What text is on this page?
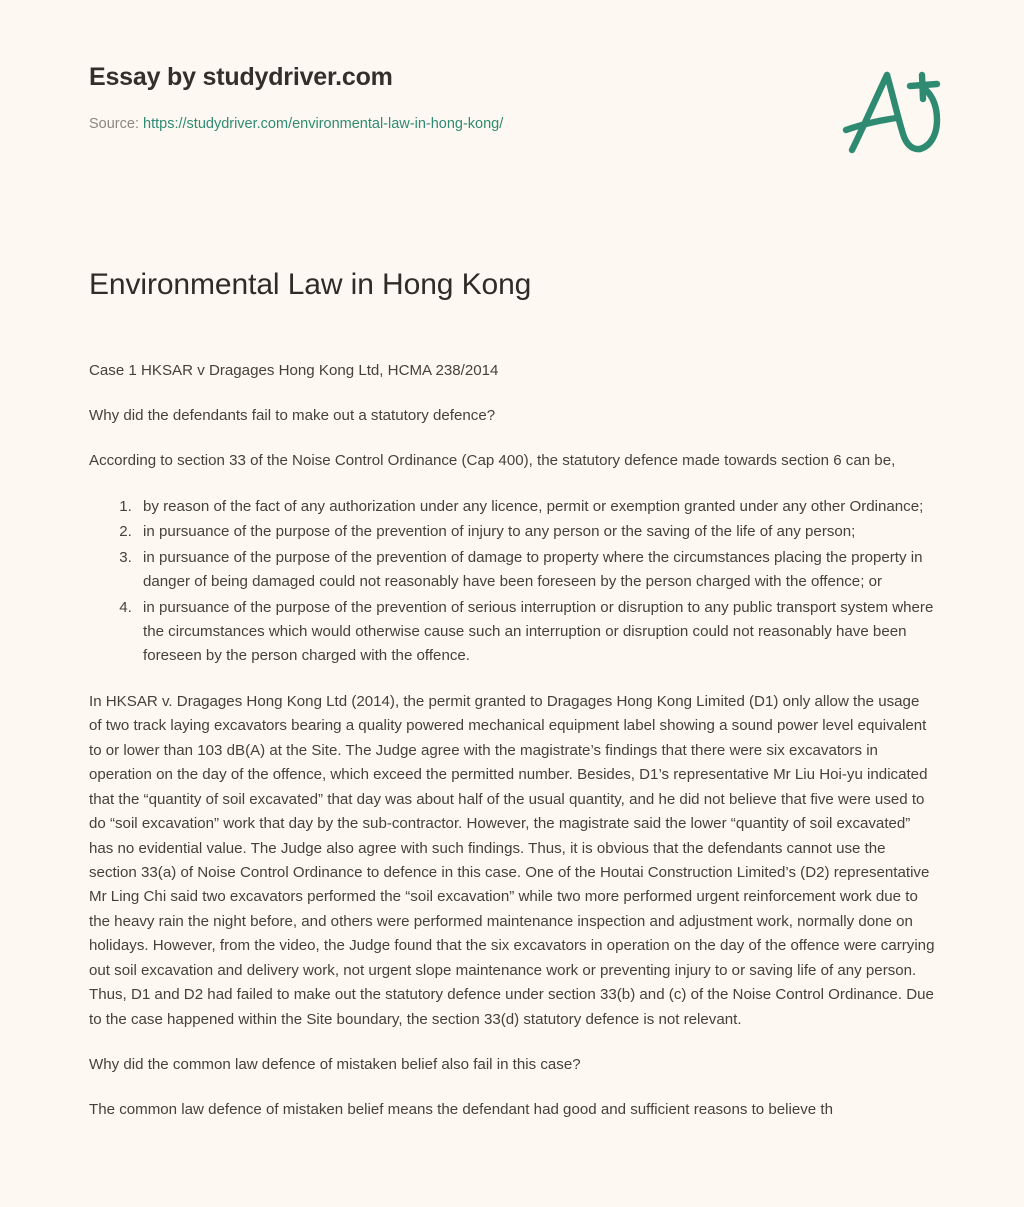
Essay by studydriver.com

Source: https://studydriver.com/environmental-law-in-hong-kong/

Environmental Law in Hong Kong

Case 1 HKSAR v Dragages Hong Kong Ltd, HCMA 238/2014

Why did the defendants fail to make out a statutory defence?

According to section 33 of the Noise Control Ordinance (Cap 400), the statutory defence made towards section 6 can be,

1. by reason of the fact of any authorization under any licence, permit or exemption granted under any other Ordinance;
2. in pursuance of the purpose of the prevention of injury to any person or the saving of the life of any person;
3. in pursuance of the purpose of the prevention of damage to property where the circumstances placing the property in danger of being damaged could not reasonably have been foreseen by the person charged with the offence; or
4. in pursuance of the purpose of the prevention of serious interruption or disruption to any public transport system where the circumstances which would otherwise cause such an interruption or disruption could not reasonably have been foreseen by the person charged with the offence.

In HKSAR v. Dragages Hong Kong Ltd (2014), the permit granted to Dragages Hong Kong Limited (D1) only allow the usage of two track laying excavators bearing a quality powered mechanical equipment label showing a sound power level equivalent to or lower than 103 dB(A) at the Site. The Judge agree with the magistrate’s findings that there were six excavators in operation on the day of the offence, which exceed the permitted number. Besides, D1’s representative Mr Liu Hoi-yu indicated that the “quantity of soil excavated” that day was about half of the usual quantity, and he did not believe that five were used to do “soil excavation” work that day by the sub-contractor. However, the magistrate said the lower “quantity of soil excavated” has no evidential value. The Judge also agree with such findings. Thus, it is obvious that the defendants cannot use the section 33(a) of Noise Control Ordinance to defence in this case. One of the Houtai Construction Limited’s (D2) representative Mr Ling Chi said two excavators performed the “soil excavation” while two more performed urgent reinforcement work due to the heavy rain the night before, and others were performed maintenance inspection and adjustment work, normally done on holidays. However, from the video, the Judge found that the six excavators in operation on the day of the offence were carrying out soil excavation and delivery work, not urgent slope maintenance work or preventing injury to or saving life of any person. Thus, D1 and D2 had failed to make out the statutory defence under section 33(b) and (c) of the Noise Control Ordinance. Due to the case happened within the Site boundary, the section 33(d) statutory defence is not relevant.

Why did the common law defence of mistaken belief also fail in this case?

The common law defence of mistaken belief means the defendant had good and sufficient reasons to believe th
